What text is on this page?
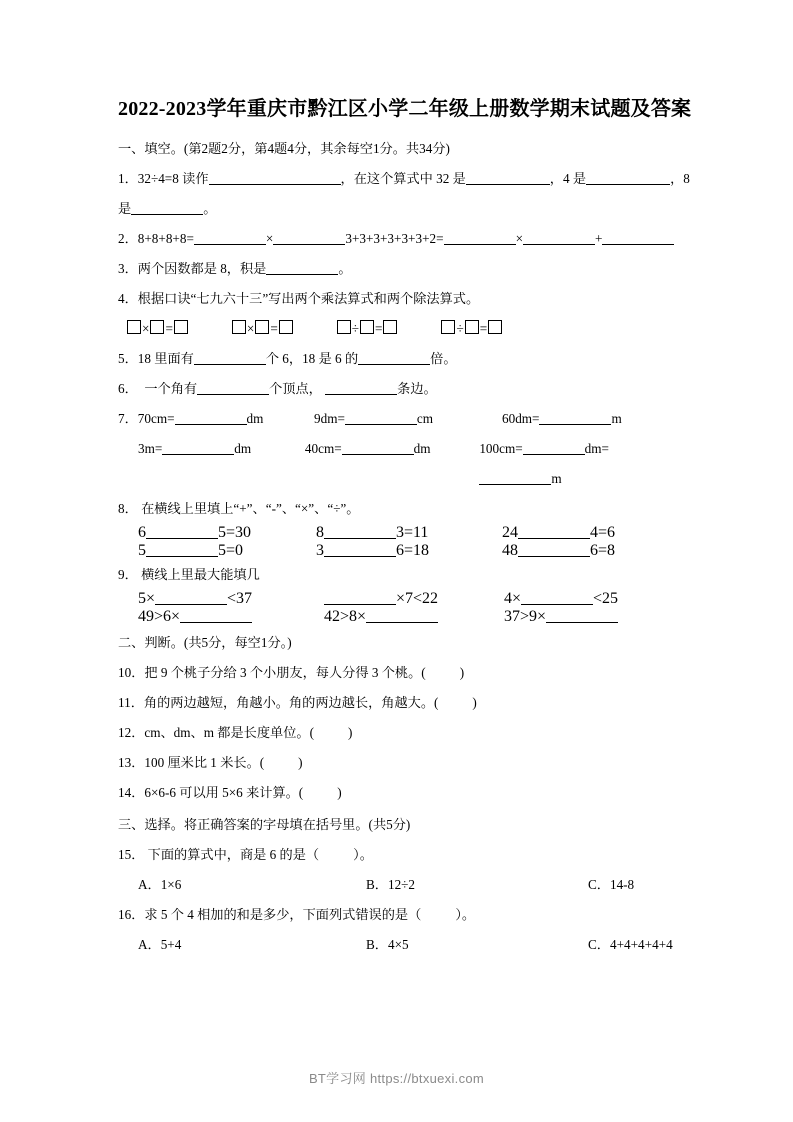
2022-2023学年重庆市黔江区小学二年级上册数学期末试题及答案
一、填空。(第2题2分，第4题4分，其余每空1分。共34分)
1．32÷4=8 读作	，在这个算式中 32 是	，4 是	，8
是	。
2．8+8+8+8=	×	3+3+3+3+3+3+2=	×	+
3．两个因数都是 8，积是	。
4．根据口诀“七九六十三”写出两个乘法算式和两个除法算式。
× =	× =	÷ =	÷ =
5．18 里面有	个 6，18 是 6 的	倍。
6． 一个角有	个顶点，	条边。
7．70cm=	dm	9dm=	cm	60dm=	m
3m=	dm	40cm=	dm	100cm=	dm=m
8． 在横线上里填上“+”、“-”、“×”、“÷”。
6	5=30	8	3=11	24	4=6
5	5=0	3	6=18	48	6=8
9． 横线上里最大能填几
5×	<37	×7<22	4×	<25
49>6×	42>8×	37>9×
二、判断。(共5分，每空1分。)
10．把 9 个桃子分给 3 个小朋友，每人分得 3 个桃。(	)
11．角的两边越短，角越小。角的两边越长，角越大。(	)
12．cm、dm、m 都是长度单位。(	)
13．100 厘米比 1 米长。(	)
14．6×6-6 可以用 5×6 来计算。(	)
三、选择。将正确答案的字母填在括号里。(共5分)
15． 下面的算式中，商是 6 的是（	）。
A．1×6	B．12÷2	C．14-8
16．求 5 个 4 相加的和是多少，下面列式错误的是（	）。
A．5+4	B．4×5	C．4+4+4+4+4
BT学习网 https://btxuexi.com
